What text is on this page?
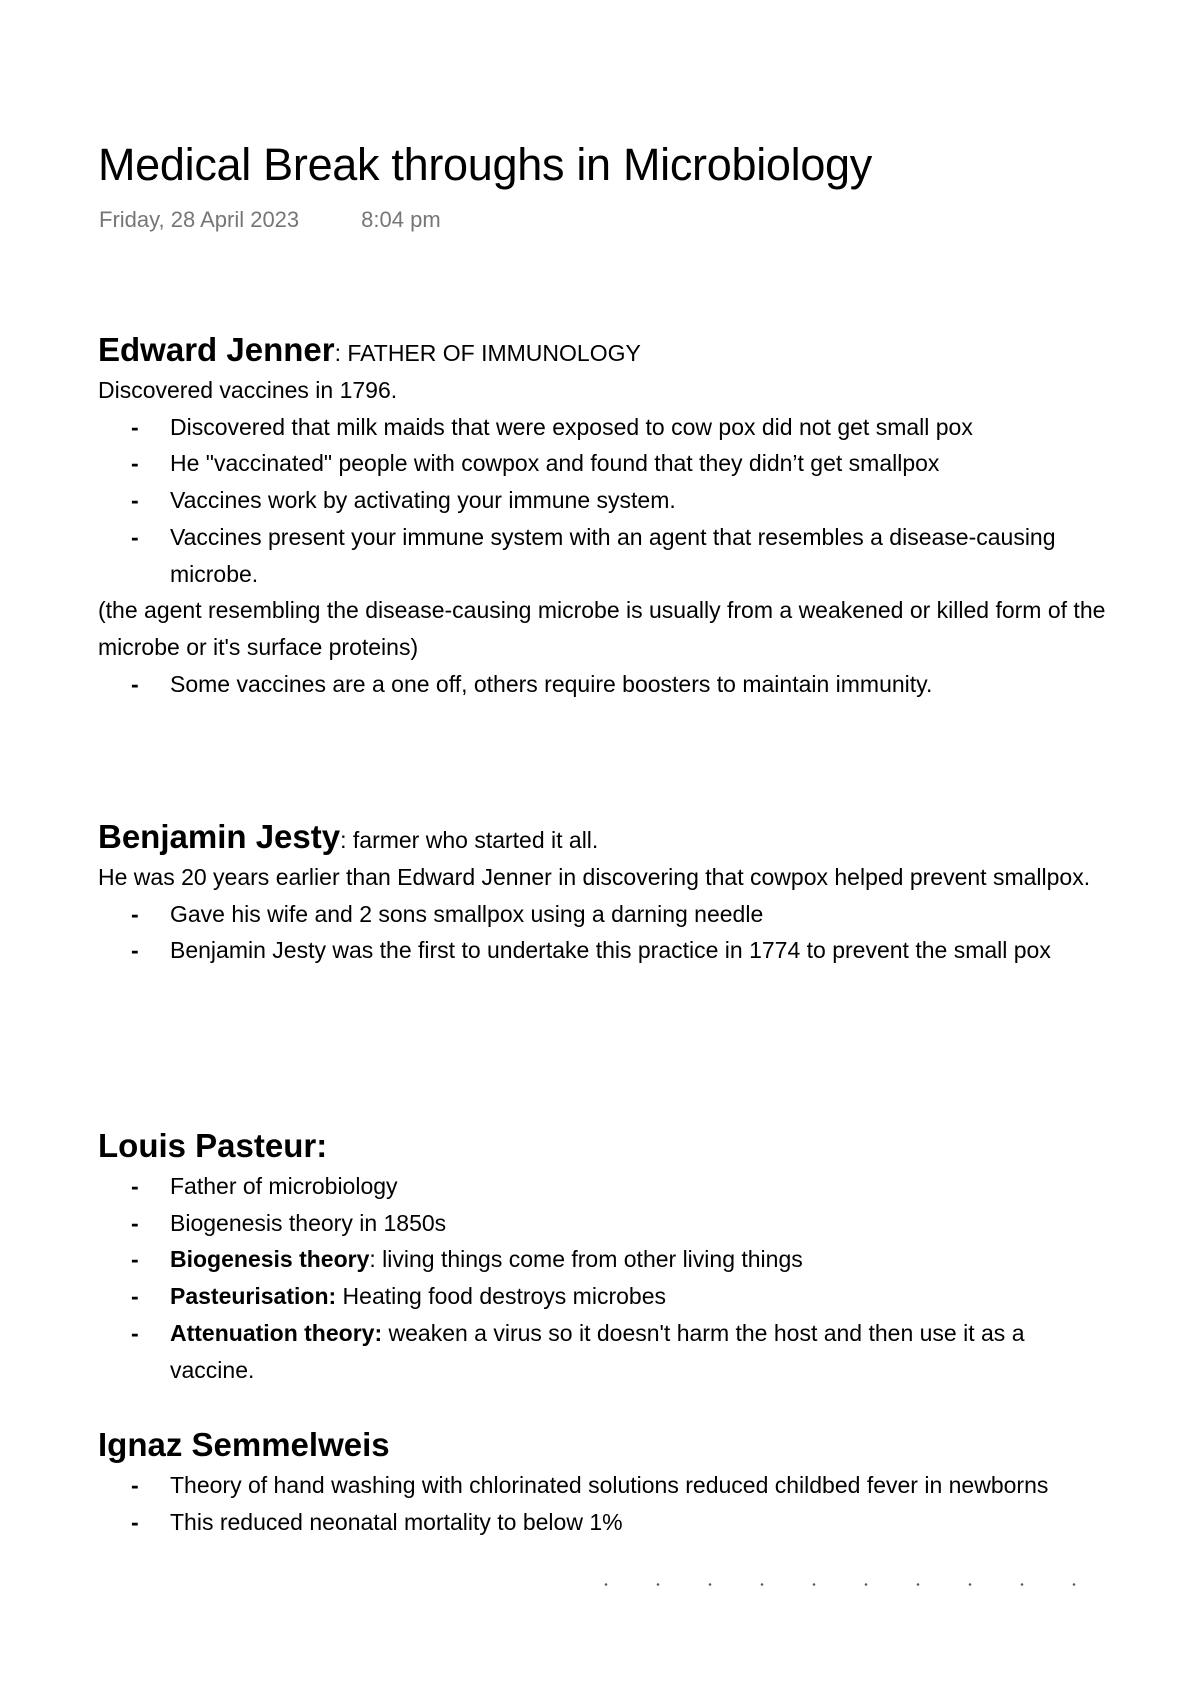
Medical Break throughs in Microbiology
Friday, 28 April 2023	8:04 pm

Edward Jenner: FATHER OF IMMUNOLOGY

Discovered vaccines in 1796.

- Discovered that milk maids that were exposed to cow pox did not get small pox
- He "vaccinated" people with cowpox and found that they didn’t get smallpox
- Vaccines work by activating your immune system.
- Vaccines present your immune system with an agent that resembles a disease-causing microbe.

(the agent resembling the disease-causing microbe is usually from a weakened or killed form of the microbe or it's surface proteins)

- Some vaccines are a one off, others require boosters to maintain immunity.

Benjamin Jesty: farmer who started it all.

He was 20 years earlier than Edward Jenner in discovering that cowpox helped prevent smallpox.

- Gave his wife and 2 sons smallpox using a darning needle
- Benjamin Jesty was the first to undertake this practice in 1774 to prevent the small pox

Louis Pasteur:

- Father of microbiology
- Biogenesis theory in 1850s
- Biogenesis theory: living things come from other living things
- Pasteurisation: Heating food destroys microbes
- Attenuation theory: weaken a virus so it doesn't harm the host and then use it as a vaccine.

Ignaz Semmelweis

- Theory of hand washing with chlorinated solutions reduced childbed fever in newborns
- This reduced neonatal mortality to below 1%
